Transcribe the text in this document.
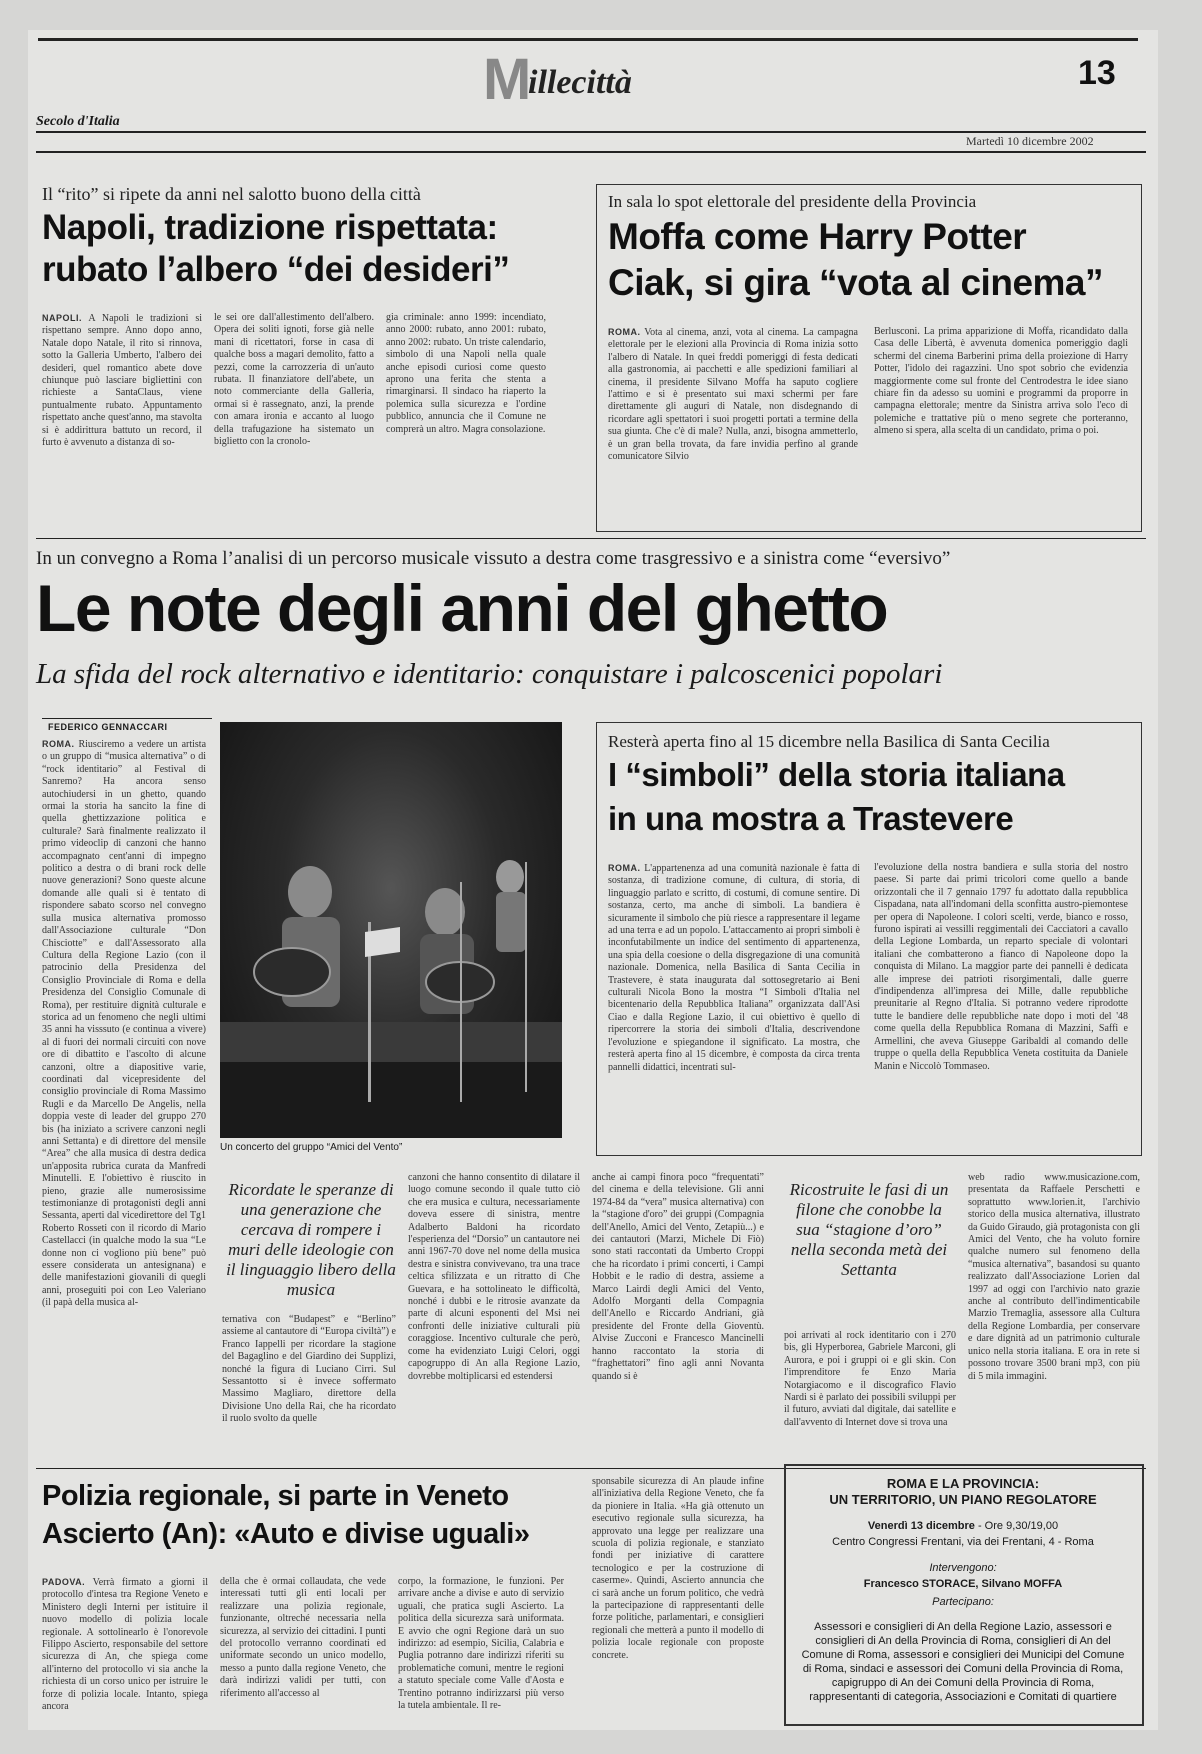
M
illecittà	13
Secolo d'Italia
Martedì 10 dicembre 2002
Il “rito” si ripete da anni nel salotto buono della città
Napoli, tradizione rispettata:
rubato l’albero “dei desideri”
NAPOLI. A Napoli le tradizioni si rispettano sempre. Anno dopo anno, Natale dopo Natale, il rito si rinnova, sotto la Galleria Umberto, l'albero dei desideri, quel romantico abete dove chiunque può lasciare bigliettini con richieste a SantaClaus, viene puntualmente rubato. Appuntamento rispettato anche quest'anno, ma stavolta si è addirittura battuto un record, il furto è avvenuto a distanza di so-
le sei ore dall'allestimento dell'albero. Opera dei soliti ignoti, forse già nelle mani di ricettatori, forse in casa di qualche boss a magari demolito, fatto a pezzi, come la carrozzeria di un'auto rubata. Il finanziatore dell'abete, un noto commerciante della Galleria, ormai si è rassegnato, anzi, la prende con amara ironia e accanto al luogo della trafugazione ha sistemato un biglietto con la cronolo-
gia criminale: anno 1999: incendiato, anno 2000: rubato, anno 2001: rubato, anno 2002: rubato. Un triste calendario, simbolo di una Napoli nella quale anche episodi curiosi come questo aprono una ferita che stenta a rimarginarsi. Il sindaco ha riaperto la polemica sulla sicurezza e l'ordine pubblico, annuncia che il Comune ne comprerà un altro. Magra consolazione.
In sala lo spot elettorale del presidente della Provincia
Moffa come Harry Potter
Ciak, si gira “vota al cinema”
ROMA. Vota al cinema, anzi, vota al cinema. La campagna elettorale per le elezioni alla Provincia di Roma inizia sotto l'albero di Natale. In quei freddi pomeriggi di festa dedicati alla gastronomia, ai pacchetti e alle spedizioni familiari al cinema, il presidente Silvano Moffa ha saputo cogliere l'attimo e si è presentato sui maxi schermi per fare direttamente gli auguri di Natale, non disdegnando di ricordare agli spettatori i suoi progetti portati a termine della sua giunta. Che c'è di male? Nulla, anzi, bisogna ammetterlo, è un gran bella trovata, da fare invidia perfino al grande comunicatore Silvio
Berlusconi. La prima apparizione di Moffa, ricandidato dalla Casa delle Libertà, è avvenuta domenica pomeriggio dagli schermi del cinema Barberini prima della proiezione di Harry Potter, l'idolo dei ragazzini. Uno spot sobrio che evidenzia maggiormente come sul fronte del Centrodestra le idee siano chiare fin da adesso su uomini e programmi da proporre in campagna elettorale; mentre da Sinistra arriva solo l'eco di polemiche e trattative più o meno segrete che porteranno, almeno si spera, alla scelta di un candidato, prima o poi.
In un convegno a Roma l’analisi di un percorso musicale vissuto a destra come trasgressivo e a sinistra come “eversivo”
Le note degli anni del ghetto
La sfida del rock alternativo e identitario: conquistare i palcoscenici popolari
FEDERICO GENNACCARI
ROMA. Riusciremo a vedere un artista o un gruppo di “musica alternativa” o di “rock identitario” al Festival di Sanremo? Ha ancora senso autochiudersi in un ghetto, quando ormai la storia ha sancito la fine di quella ghettizzazione politica e culturale? Sarà finalmente realizzato il primo videoclip di canzoni che hanno accompagnato cent'anni di impegno politico a destra o di brani rock delle nuove generazioni? Sono queste alcune domande alle quali si è tentato di rispondere sabato scorso nel convegno sulla musica alternativa promosso dall'Associazione culturale “Don Chisciotte” e dall'Assessorato alla Cultura della Regione Lazio (con il patrocinio della Presidenza del Consiglio Provinciale di Roma e della Presidenza del Consiglio Comunale di Roma), per restituire dignità culturale e storica ad un fenomeno che negli ultimi 35 anni ha visssuto (e continua a vivere) al di fuori dei normali circuiti con nove ore di dibattito e l'ascolto di alcune canzoni, oltre a diapositive varie, coordinati dal vicepresidente del consiglio provinciale di Roma Massimo Rugli e da Marcello De Angelis, nella doppia veste di leader del gruppo 270 bis (ha iniziato a scrivere canzoni negli anni Settanta) e di direttore del mensile “Area” che alla musica di destra dedica un'apposita rubrica curata da Manfredi Minutelli. E l'obiettivo è riuscito in pieno, grazie alle numerosissime testimonianze di protagonisti degli anni Sessanta, aperti dal vicedirettore del Tg1 Roberto Rosseti con il ricordo di Mario Castellacci (in qualche modo la sua “Le donne non ci vogliono più bene” può essere considerata un antesignana) e delle manifestazioni giovanili di quegli anni, proseguiti poi con Leo Valeriano (il papà della musica al-
Un concerto del gruppo “Amici del Vento”
Resterà aperta fino al 15 dicembre nella Basilica di Santa Cecilia
I “simboli” della storia italiana
in una mostra a Trastevere
ROMA. L'appartenenza ad una comunità nazionale è fatta di sostanza, di tradizione comune, di cultura, di storia, di linguaggio parlato e scritto, di costumi, di comune sentire. Di sostanza, certo, ma anche di simboli. La bandiera è sicuramente il simbolo che più riesce a rappresentare il legame ad una terra e ad un popolo. L'attaccamento ai propri simboli è inconfutabilmente un indice del sentimento di appartenenza, una spia della coesione o della disgregazione di una comunità nazionale. Domenica, nella Basilica di Santa Cecilia in Trastevere, è stata inaugurata dal sottosegretario ai Beni culturali Nicola Bono la mostra “I Simboli d'Italia nel bicentenario della Repubblica Italiana” organizzata dall'Asi Ciao e dalla Regione Lazio, il cui obiettivo è quello di ripercorrere la storia dei simboli d'Italia, descrivendone l'evoluzione e spiegandone il significato. La mostra, che resterà aperta fino al 15 dicembre, è composta da circa trenta pannelli didattici, incentrati sul-
l'evoluzione della nostra bandiera e sulla storia del nostro paese. Si parte dai primi tricolori come quello a bande orizzontali che il 7 gennaio 1797 fu adottato dalla repubblica Cispadana, nata all'indomani della sconfitta austro-piemontese per opera di Napoleone. I colori scelti, verde, bianco e rosso, furono ispirati ai vessilli reggimentali dei Cacciatori a cavallo della Legione Lombarda, un reparto speciale di volontari italiani che combatterono a fianco di Napoleone dopo la conquista di Milano. La maggior parte dei pannelli è dedicata alle imprese dei patrioti risorgimentali, dalle guerre d'indipendenza all'impresa dei Mille, dalle repubbliche preunitarie al Regno d'Italia. Si potranno vedere riprodotte tutte le bandiere delle repubbliche nate dopo i moti del '48 come quella della Repubblica Romana di Mazzini, Saffi e Armellini, che aveva Giuseppe Garibaldi al comando delle truppe o quella della Repubblica Veneta costituita da Daniele Manin e Niccolò Tommaseo.
Ricordate le speranze di una generazione che cercava di rompere i muri delle ideologie con il linguaggio libero della musica
ternativa con “Budapest” e “Berlino” assieme al cantautore di “Europa civiltà”) e Franco Iappelli per ricordare la stagione del Bagaglino e del Giardino dei Supplizi, nonché la figura di Luciano Cirri. Sul Sessantotto si è invece soffermato Massimo Magliaro, direttore della Divisione Uno della Rai, che ha ricordato il ruolo svolto da quelle
canzoni che hanno consentito di dilatare il luogo comune secondo il quale tutto ciò che era musica e cultura, necessariamente doveva essere di sinistra, mentre Adalberto Baldoni ha ricordato l'esperienza del “Dorsio” un cantautore nei anni 1967-70 dove nel nome della musica destra e sinistra convivevano, tra una trace celtica sfilizzata e un ritratto di Che Guevara, e ha sottolineato le difficoltà, nonché i dubbi e le ritrosie avanzate da parte di alcuni esponenti del Msi nei confronti delle iniziative culturali più coraggiose. Incentivo culturale che però, come ha evidenziato Luigi Celori, oggi capogruppo di An alla Regione Lazio, dovrebbe moltiplicarsi ed estendersi
anche ai campi finora poco “frequentati” del cinema e della televisione. Gli anni 1974-84 da “vera” musica alternativa) con la “stagione d'oro” dei gruppi (Compagnia dell'Anello, Amici del Vento, Zetapiù...) e dei cantautori (Marzi, Michele Di Fiò) sono stati raccontati da Umberto Croppi che ha ricordato i primi concerti, i Campi Hobbit e le radio di destra, assieme a Marco Lairdi degli Amici del Vento, Adolfo Morganti della Compagnia dell'Anello e Riccardo Andriani, già presidente del Fronte della Gioventù. Alvise Zucconi e Francesco Mancinelli hanno raccontato la storia di “fraghettatori” fino agli anni Novanta quando si è
Ricostruite le fasi di un filone che conobbe la sua “stagione d’oro” nella seconda metà dei Settanta
poi arrivati al rock identitario con i 270 bis, gli Hyperborea, Gabriele Marconi, gli Aurora, e poi i gruppi oi e gli skin. Con l'imprenditore fe Enzo Maria Notargiacomo e il discografico Flavio Nardi si è parlato dei possibili sviluppi per il futuro, avviati dal digitale, dai satellite e dall'avvento di Internet dove si trova una
web radio www.musicazione.com, presentata da Raffaele Perschetti e soprattutto www.lorien.it, l'archivio storico della musica alternativa, illustrato da Guido Giraudo, già protagonista con gli Amici del Vento, che ha voluto fornire qualche numero sul fenomeno della “musica alternativa”, basandosi su quanto realizzato dall'Associazione Lorien dal 1997 ad oggi con l'archivio nato grazie anche al contributo dell'indimenticabile Marzio Tremaglia, assessore alla Cultura della Regione Lombardia, per conservare e dare dignità ad un patrimonio culturale unico nella storia italiana. E ora in rete si possono trovare 3500 brani mp3, con più di 5 mila immagini.
Polizia regionale, si parte in Veneto
Ascierto (An): «Auto e divise uguali»
PADOVA. Verrà firmato a giorni il protocollo d'intesa tra Regione Veneto e Ministero degli Interni per istituire il nuovo modello di polizia locale regionale. A sottolinearlo è l'onorevole Filippo Ascierto, responsabile del settore sicurezza di An, che spiega come all'interno del protocollo vi sia anche la richiesta di un corso unico per istruire le forze di polizia locale. Intanto, spiega ancora
della che è ormai collaudata, che vede interessati tutti gli enti locali per realizzare una polizia regionale, funzionante, oltreché necessaria nella sicurezza, al servizio dei cittadini. I punti del protocollo verranno coordinati ed uniformate secondo un unico modello, messo a punto dalla regione Veneto, che darà indirizzi validi per tutti, con riferimento all'accesso al
corpo, la formazione, le funzioni. Per arrivare anche a divise e auto di servizio uguali, che pratica sugli Ascierto. La politica della sicurezza sarà uniformata. E avvio che ogni Regione darà un suo indirizzo: ad esempio, Sicilia, Calabria e Puglia potranno dare indirizzi riferiti su problematiche comuni, mentre le regioni a statuto speciale come Valle d'Aosta e Trentino potranno indirizzarsi più verso la tutela ambientale. Il re-
sponsabile sicurezza di An plaude infine all'iniziativa della Regione Veneto, che fa da pioniere in Italia. «Ha già ottenuto un esecutivo regionale sulla sicurezza, ha approvato una legge per realizzare una scuola di polizia regionale, e stanziato fondi per iniziative di carattere tecnologico e per la costruzione di caserme». Quindi, Ascierto annuncia che ci sarà anche un forum politico, che vedrà la partecipazione di rappresentanti delle forze politiche, parlamentari, e consiglieri regionali che metterà a punto il modello di polizia locale regionale con proposte concrete.
ROMA E LA PROVINCIA:
UN TERRITORIO, UN PIANO REGOLATORE
Venerdì 13 dicembre - Ore 9,30/19,00
Centro Congressi Frentani, via dei Frentani, 4 - Roma
Intervengono:
Francesco STORACE, Silvano MOFFA
Partecipano:
Assessori e consiglieri di An della Regione Lazio, assessori e consiglieri di An della Provincia di Roma, consiglieri di An del Comune di Roma, assessori e consiglieri dei Municipi del Comune di Roma, sindaci e assessori dei Comuni della Provincia di Roma, capigruppo di An dei Comuni della Provincia di Roma, rappresentanti di categoria, Associazioni e Comitati di quartiere
